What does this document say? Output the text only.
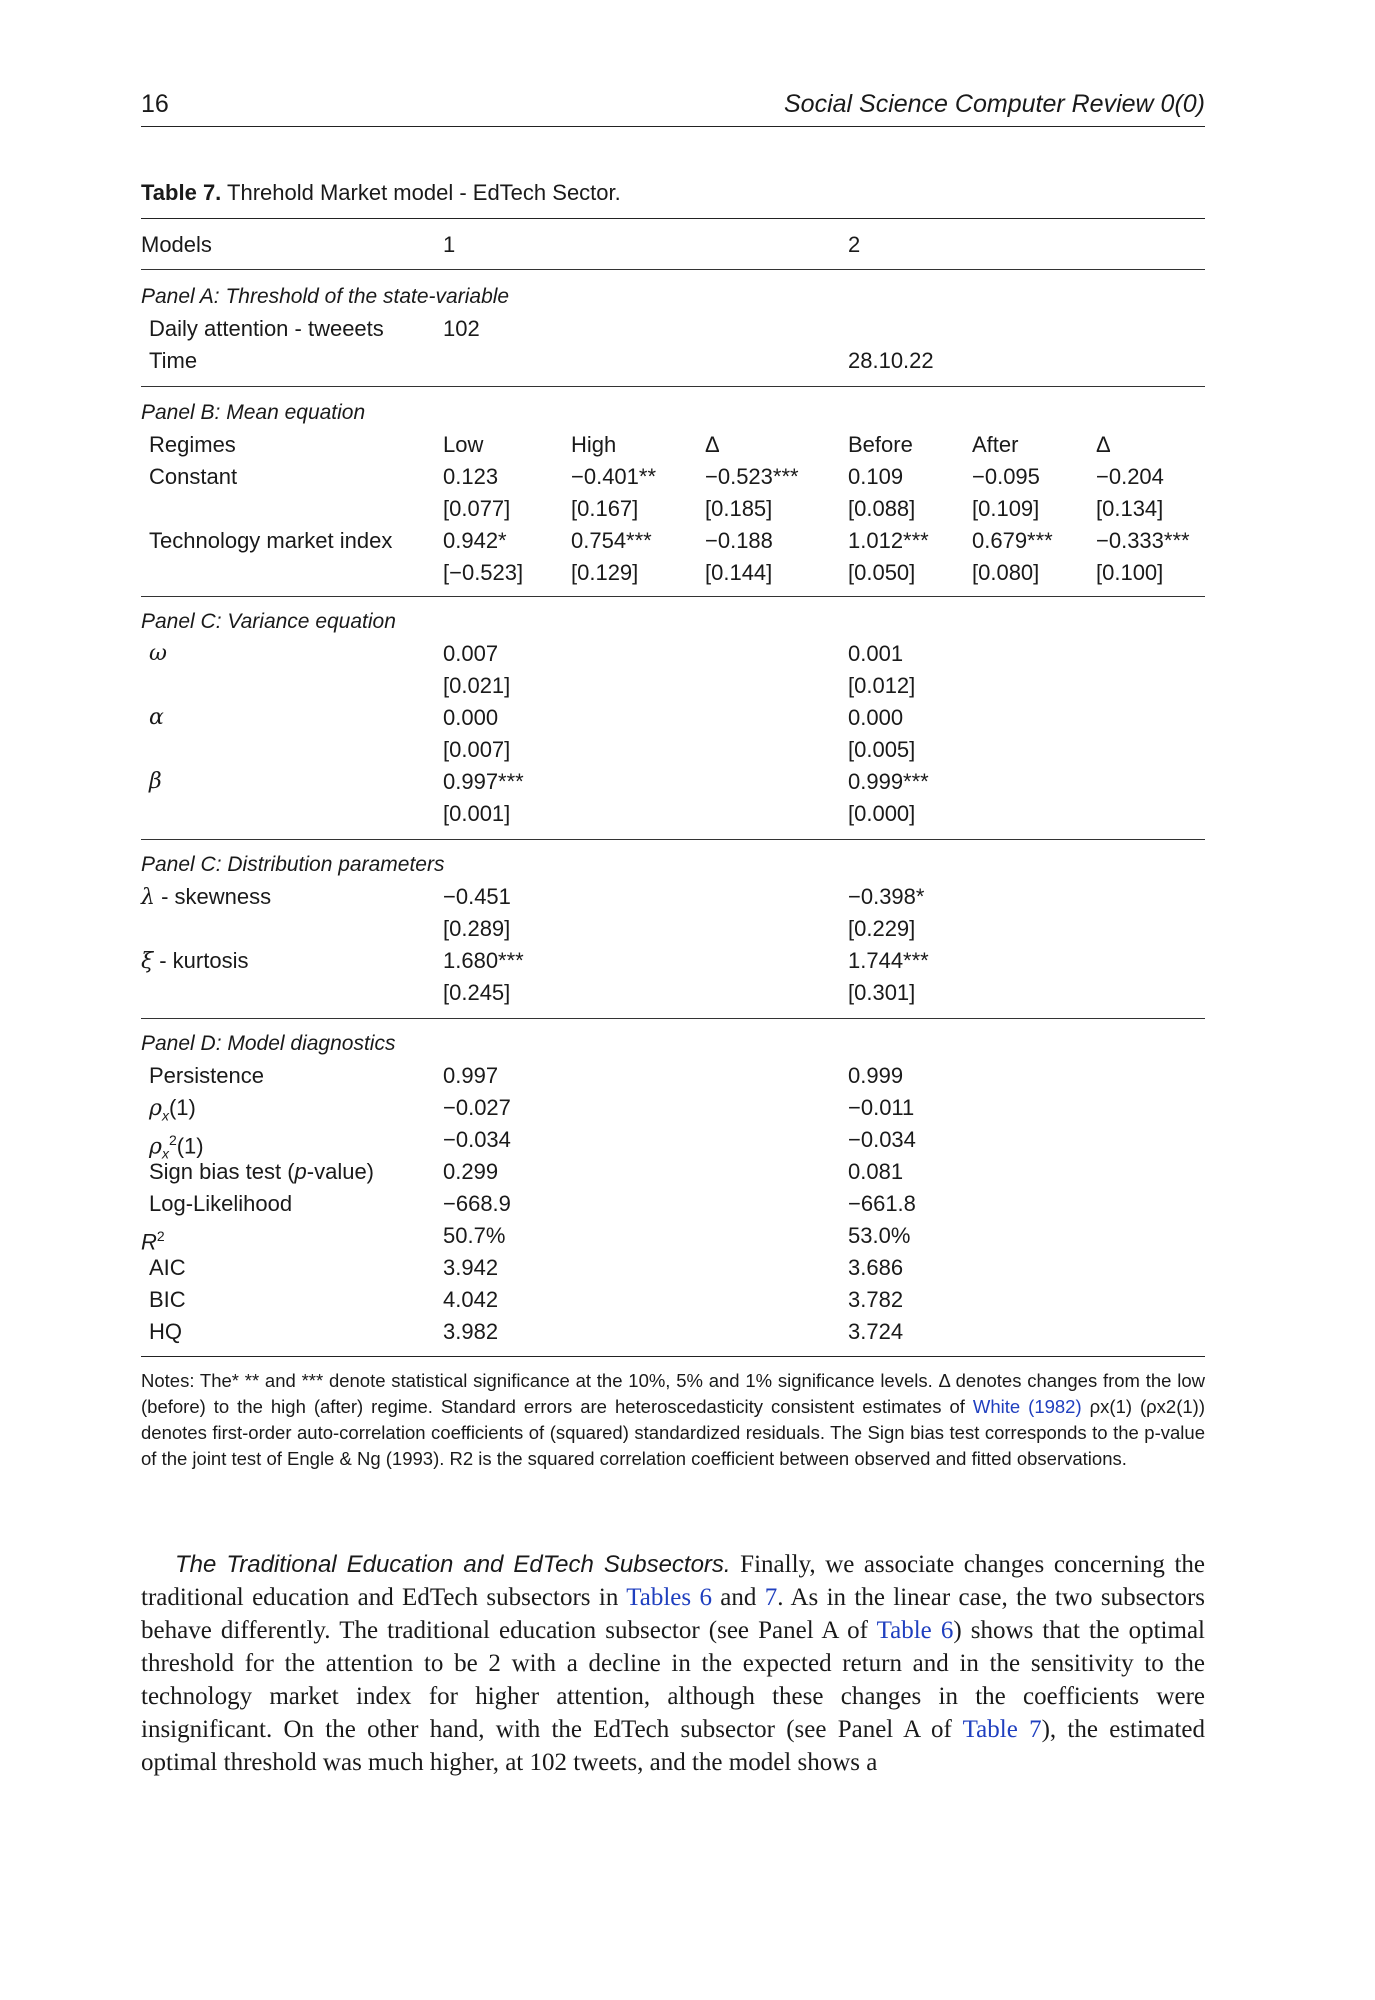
16	Social Science Computer Review 0(0)
Table 7. Threhold Market model - EdTech Sector.
Models	1	2
Panel A: Threshold of the state-variable
Daily attention - tweeets	102
Time	28.10.22
Panel B: Mean equation
Regimes	Low	High	Δ	Before	After	Δ
Constant	0.123	−0.401** −0.523*** 0.109	−0.095	−0.204
[0.077]	[0.167]	[0.185]	[0.088]	[0.109]	[0.134]
Technology market index 0.942*	0.754*** −0.188	1.012*** 0.679*** −0.333***
[−0.523] [0.129]	[0.144]	[0.050]	[0.080]	[0.100]
Panel C: Variance equation
ω	0.007	0.001
[0.021]	[0.012]
α	0.000	0.000
[0.007]	[0.005]
β	0.997***	0.999***
[0.001]	[0.000]
Panel C: Distribution parameters
λ - skewness	−0.451	−0.398*
[0.289]	[0.229]
ξ - kurtosis	1.680***	1.744***
[0.245]	[0.301]
Panel D: Model diagnostics
Persistence	0.997	0.999
$\rho_x(1)$	−0.027	−0.011
$\rho_x^2(1)$	−0.034	−0.034
Sign bias test (p-value)	0.299	0.081
Log-Likelihood	−668.9	−661.8
$R^2$	50.7%	53.0%
AIC	3.942	3.686
BIC	4.042	3.782
HQ	3.982	3.724
Notes: The* ** and *** denote statistical significance at the 10%, 5% and 1% significance levels. Δ denotes changes from the low (before) to the high (after) regime. Standard errors are heteroscedasticity consistent estimates of White (1982) ρx(1) (ρx2(1)) denotes first-order auto-correlation coefficients of (squared) standardized residuals. The Sign bias test corresponds to the p-value of the joint test of Engle & Ng (1993). R2 is the squared correlation coefficient between observed and fitted observations.
The Traditional Education and EdTech Subsectors. Finally, we associate changes concerning the traditional education and EdTech subsectors in Tables 6 and 7. As in the linear case, the two subsectors behave differently. The traditional education subsector (see Panel A of Table 6) shows that the optimal threshold for the attention to be 2 with a decline in the expected return and in the sensitivity to the technology market index for higher attention, although these changes in the coefficients were insignificant. On the other hand, with the EdTech subsector (see Panel A of Table 7), the estimated optimal threshold was much higher, at 102 tweets, and the model shows a
